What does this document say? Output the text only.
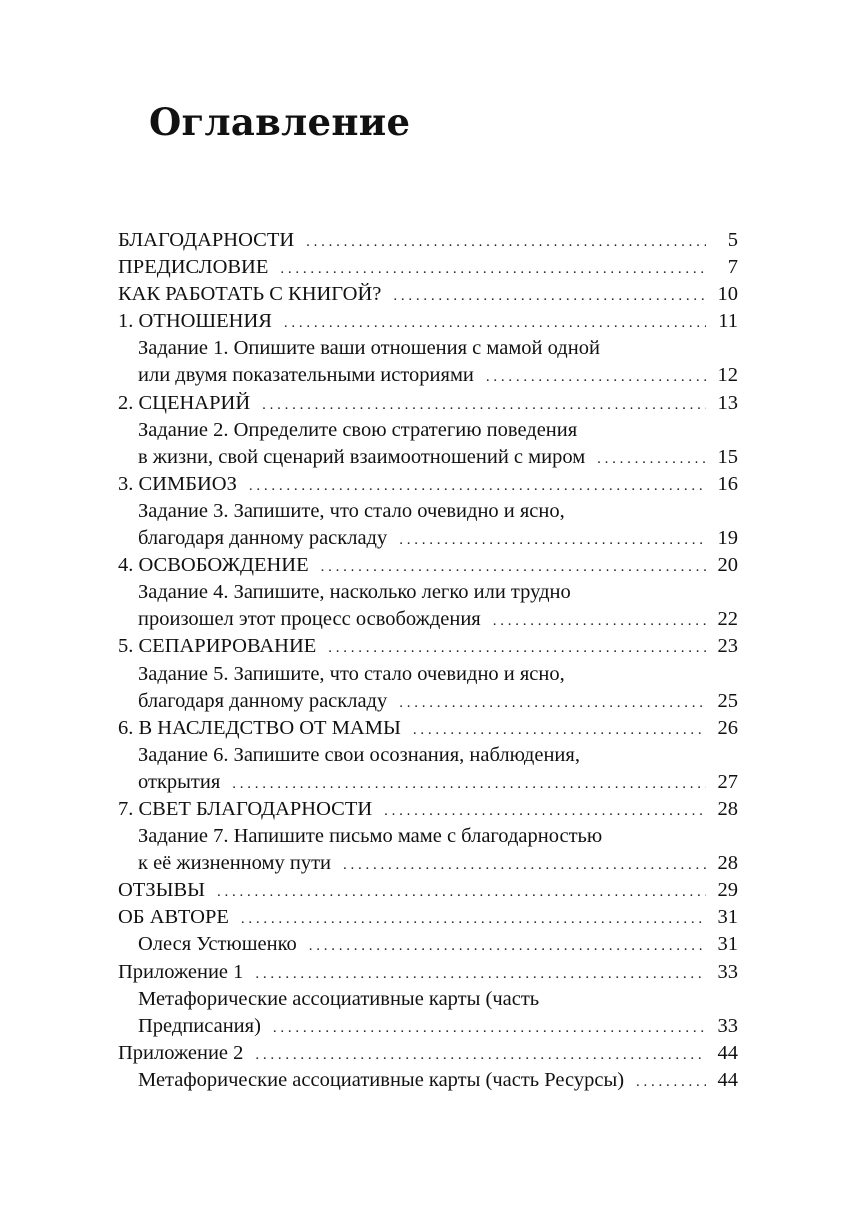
Оглавление
БЛАГОДАРНОСТИ . . .	5
ПРЕДИСЛОВИЕ . . .	7
КАК РАБОТАТЬ С КНИГОЙ? . . .	10
1. ОТНОШЕНИЯ . . .	11
Задание 1. Опишите ваши отношения с мамой одной
или двумя показательными историями . . .	12
2. СЦЕНАРИЙ . . .	13
Задание 2. Определите свою стратегию поведения
в жизни, свой сценарий взаимоотношений с миром . . .	15
3. СИМБИОЗ . . .	16
Задание 3. Запишите, что стало очевидно и ясно,
благодаря данному раскладу . . .	19
4. ОСВОБОЖДЕНИЕ . . .	20
Задание 4. Запишите, насколько легко или трудно
произошел этот процесс освобождения . . .	22
5. СЕПАРИРОВАНИЕ . . .	23
Задание 5. Запишите, что стало очевидно и ясно,
благодаря данному раскладу . . .	25
6. В НАСЛЕДСТВО ОТ МАМЫ . . .	26
Задание 6. Запишите свои осознания, наблюдения,
открытия . . .	27
7. СВЕТ БЛАГОДАРНОСТИ . . .	28
Задание 7. Напишите письмо маме с благодарностью
к её жизненному пути . . .	28
ОТЗЫВЫ . . .	29
ОБ АВТОРЕ . . .	31
Олеся Устюшенко . . .	31
Приложение 1 . . .	33
Метафорические ассоциативные карты (часть
Предписания) . . .	33
Приложение 2 . . .	44
Метафорические ассоциативные карты (часть Ресурсы) . . .	44
